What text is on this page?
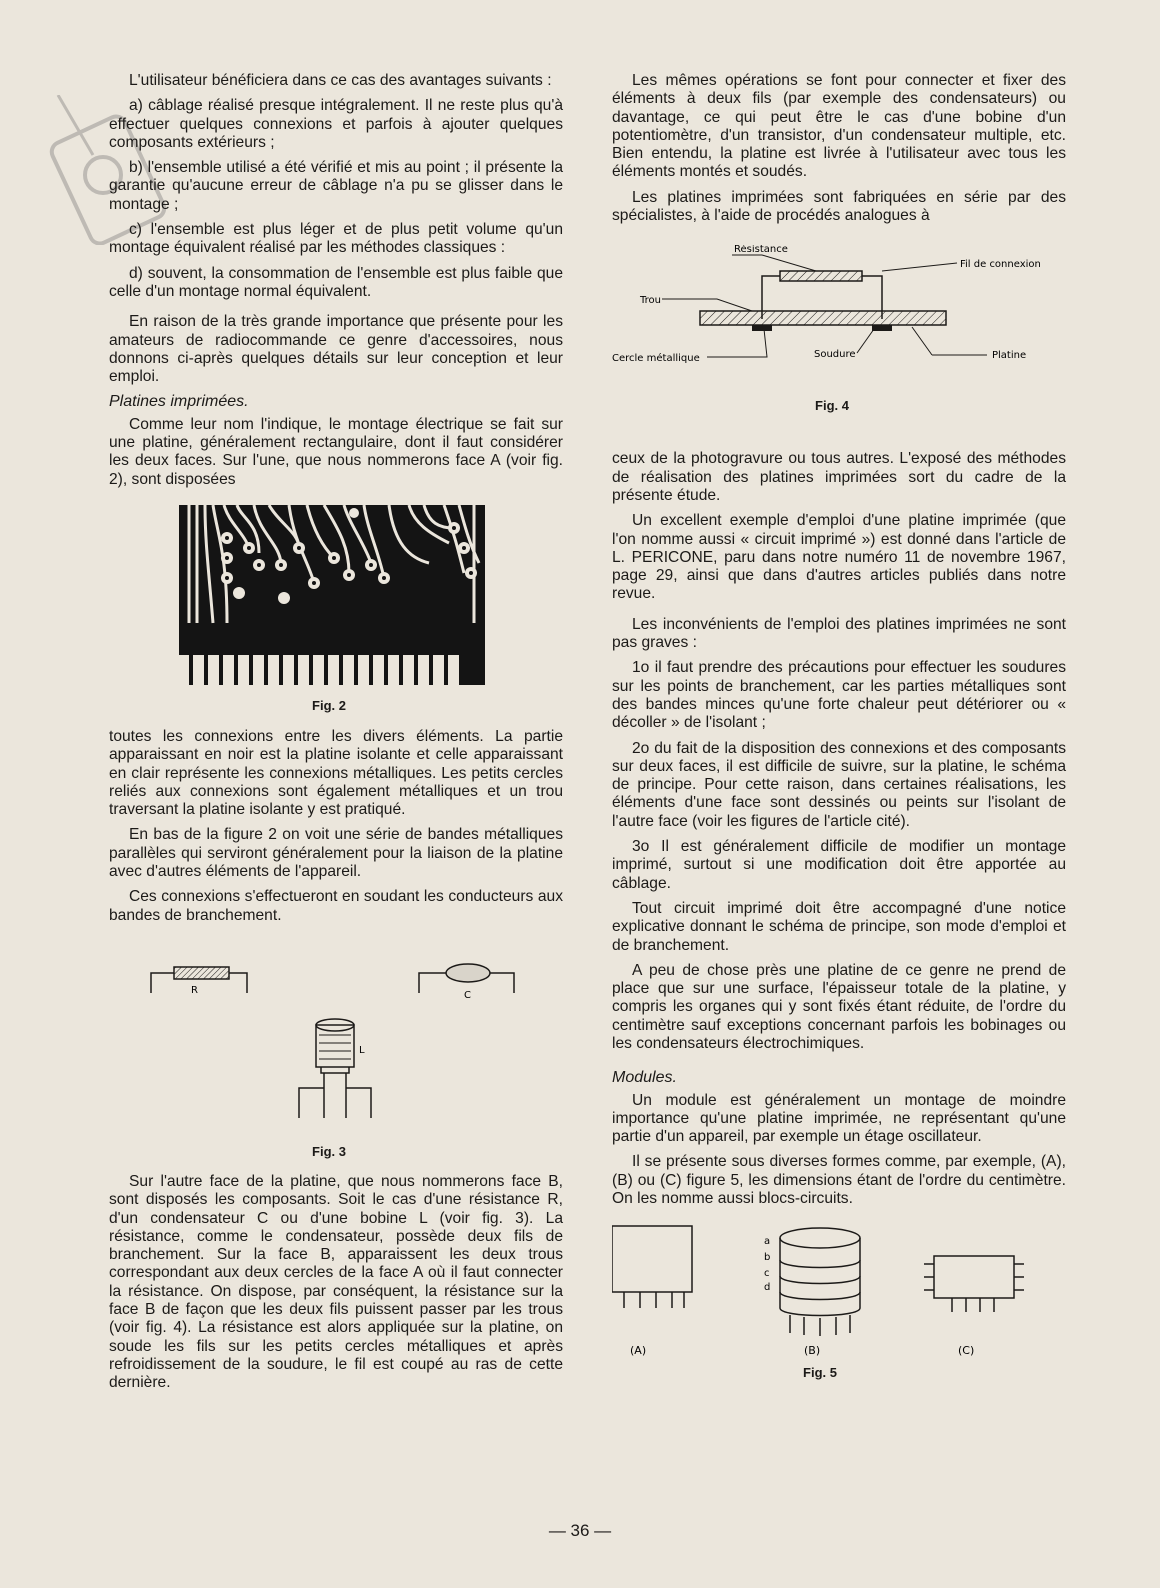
L'utilisateur bénéficiera dans ce cas des avantages suivants :

a) câblage réalisé presque intégralement. Il ne reste plus qu'à effectuer quelques connexions et parfois à ajouter quelques composants extérieurs ;

b) l'ensemble utilisé a été vérifié et mis au point ; il présente la garantie qu'aucune erreur de câblage n'a pu se glisser dans le montage ;

c) l'ensemble est plus léger et de plus petit volume qu'un montage équivalent réalisé par les méthodes classiques :

d) souvent, la consommation de l'ensemble est plus faible que celle d'un montage normal équivalent.

En raison de la très grande importance que présente pour les amateurs de radiocommande ce genre d'accessoires, nous donnons ci-après quelques détails sur leur conception et leur emploi.

Platines imprimées.

Comme leur nom l'indique, le montage électrique se fait sur une platine, généralement rectangulaire, dont il faut considérer les deux faces. Sur l'une, que nous nommerons face A (voir fig. 2), sont disposées

Fig. 2

toutes les connexions entre les divers éléments. La partie apparaissant en noir est la platine isolante et celle apparaissant en clair représente les connexions métalliques. Les petits cercles reliés aux connexions sont également métalliques et un trou traversant la platine isolante y est pratiqué.

En bas de la figure 2 on voit une série de bandes métalliques parallèles qui serviront généralement pour la liaison de la platine avec d'autres éléments de l'appareil.

Ces connexions s'effectueront en soudant les conducteurs aux bandes de branchement.

R	C
L
Fig. 3

Sur l'autre face de la platine, que nous nommerons face B, sont disposés les composants. Soit le cas d'une résistance R, d'un condensateur C ou d'une bobine L (voir fig. 3). La résistance, comme le condensateur, possède deux fils de branchement. Sur la face B, apparaissent les deux trous correspondant aux deux cercles de la face A où il faut connecter la résistance. On dispose, par conséquent, la résistance sur la face B de façon que les deux fils puissent passer par les trous (voir fig. 4). La résistance est alors appliquée sur la platine, on soude les fils sur les petits cercles métalliques et après refroidissement de la soudure, le fil est coupé au ras de cette dernière.

Les mêmes opérations se font pour connecter et fixer des éléments à deux fils (par exemple des condensateurs) ou davantage, ce qui peut être le cas d'une bobine d'un potentiomètre, d'un transistor, d'un condensateur multiple, etc. Bien entendu, la platine est livrée à l'utilisateur avec tous les éléments montés et soudés.

Les platines imprimées sont fabriquées en série par des spécialistes, à l'aide de procédés analogues à

Résistance
Fil de connexion
Trou
Cercle métallique	Soudure	Platine
Fig. 4

ceux de la photogravure ou tous autres. L'exposé des méthodes de réalisation des platines imprimées sort du cadre de la présente étude.

Un excellent exemple d'emploi d'une platine imprimée (que l'on nomme aussi « circuit imprimé ») est donné dans l'article de L. PERICONE, paru dans notre numéro 11 de novembre 1967, page 29, ainsi que dans d'autres articles publiés dans notre revue.

Les inconvénients de l'emploi des platines imprimées ne sont pas graves :

1o il faut prendre des précautions pour effectuer les soudures sur les points de branchement, car les parties métalliques sont des bandes minces qu'une forte chaleur peut détériorer ou « décoller » de l'isolant ;

2o du fait de la disposition des connexions et des composants sur deux faces, il est difficile de suivre, sur la platine, le schéma de principe. Pour cette raison, dans certaines réalisations, les éléments d'une face sont dessinés ou peints sur l'isolant de l'autre face (voir les figures de l'article cité).

3o Il est généralement difficile de modifier un montage imprimé, surtout si une modification doit être apportée au câblage.

Tout circuit imprimé doit être accompagné d'une notice explicative donnant le schéma de principe, son mode d'emploi et de branchement.

A peu de chose près une platine de ce genre ne prend de place que sur une surface, l'épaisseur totale de la platine, y compris les organes qui y sont fixés étant réduite, de l'ordre du centimètre sauf exceptions concernant parfois les bobinages ou les condensateurs électrochimiques.

Modules.

Un module est généralement un montage de moindre importance qu'une platine imprimée, ne représentant qu'une partie d'un appareil, par exemple un étage oscillateur.

Il se présente sous diverses formes comme, par exemple, (A), (B) ou (C) figure 5, les dimensions étant de l'ordre du centimètre. On les nomme aussi blocs-circuits.

a
b
c
d
(A)	(B)	(C)
Fig. 5
— 36 —
